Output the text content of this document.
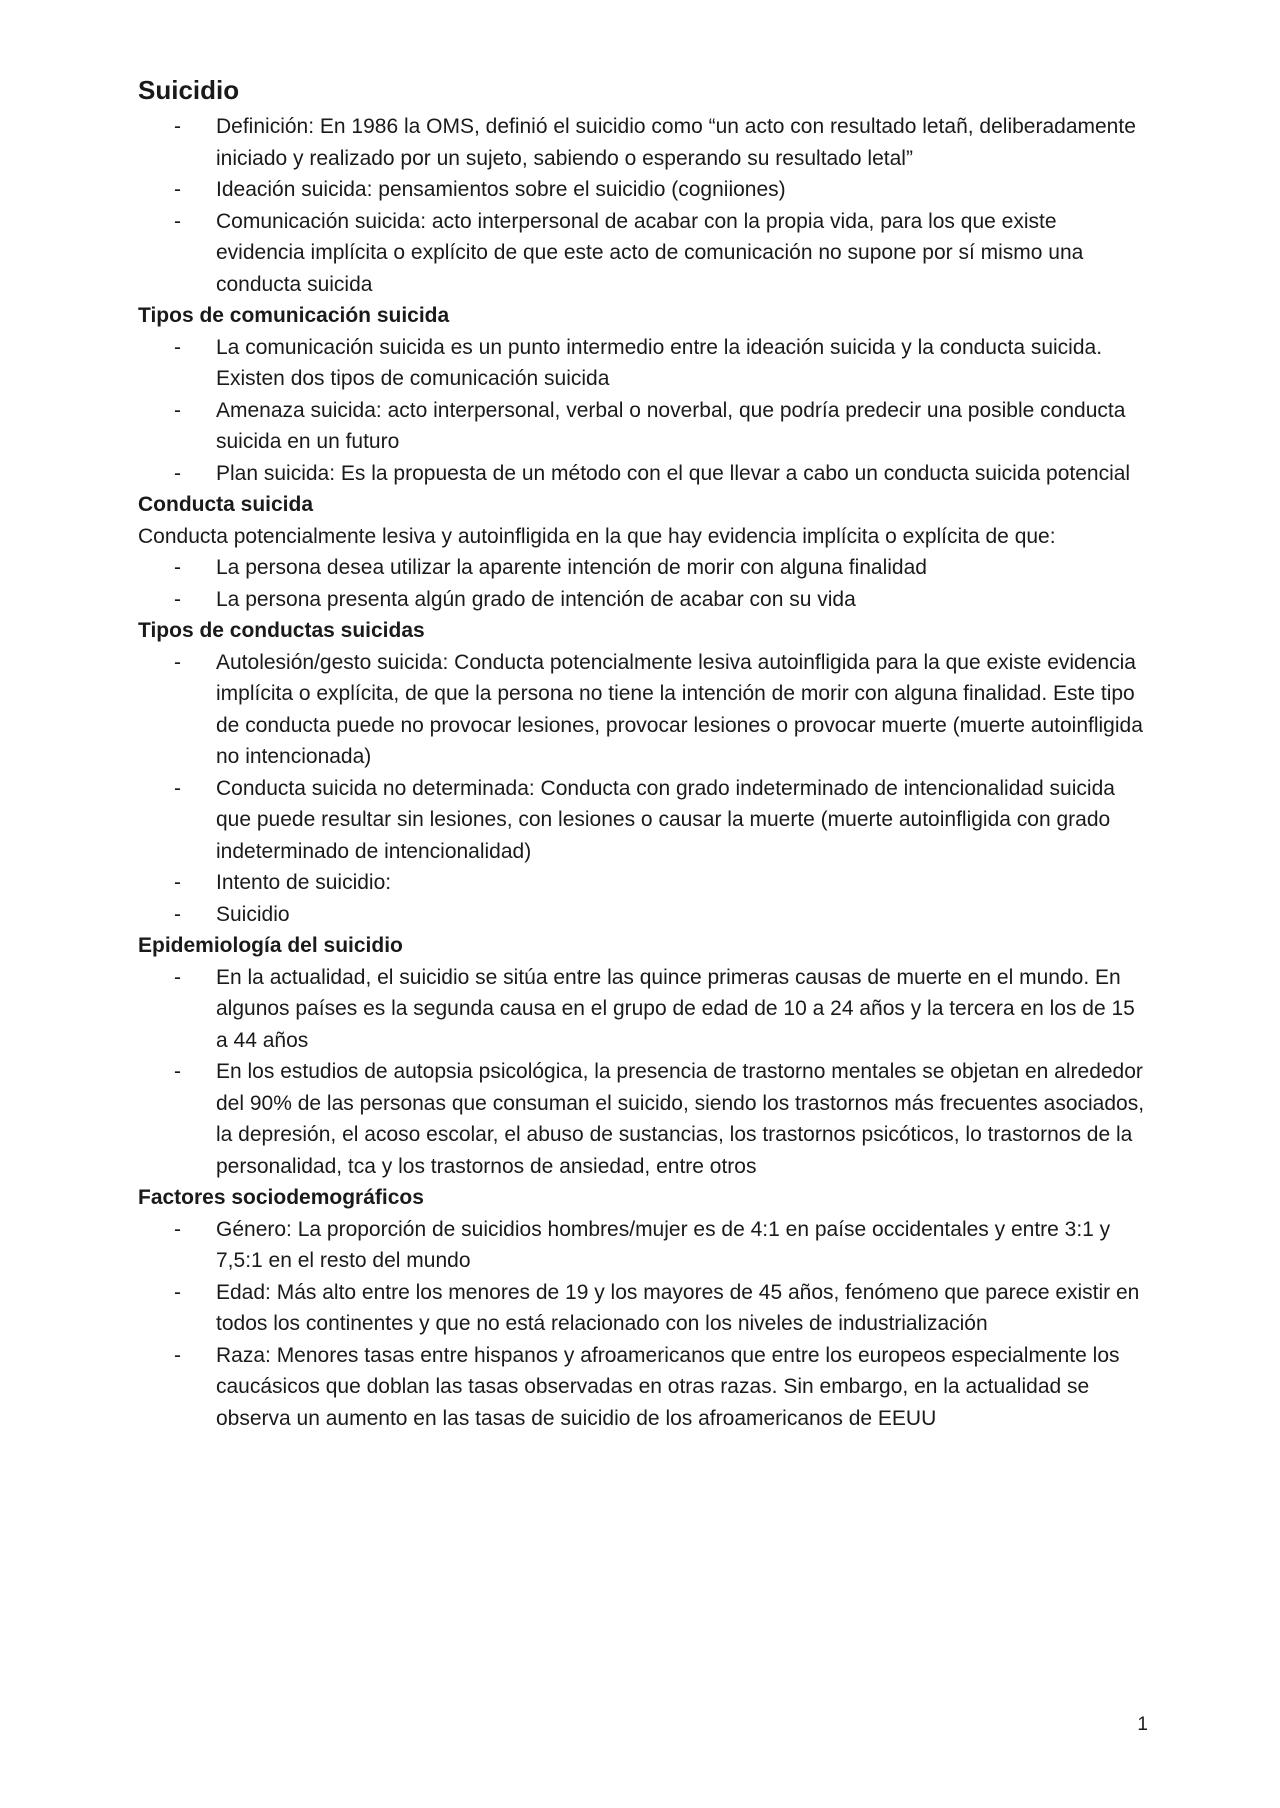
Suicidio
- Definición: En 1986 la OMS, definió el suicidio como “un acto con resultado letañ, deliberadamente iniciado y realizado por un sujeto, sabiendo o esperando su resultado letal”
- Ideación suicida: pensamientos sobre el suicidio (cogniiones)
- Comunicación suicida: acto interpersonal de acabar con la propia vida, para los que existe evidencia implícita o explícito de que este acto de comunicación no supone por sí mismo una conducta suicida
Tipos de comunicación suicida
- La comunicación suicida es un punto intermedio entre la ideación suicida y la conducta suicida. Existen dos tipos de comunicación suicida
- Amenaza suicida: acto interpersonal, verbal o noverbal, que podría predecir una posible conducta suicida en un futuro
- Plan suicida: Es la propuesta de un método con el que llevar a cabo un conducta suicida potencial
Conducta suicida

Conducta potencialmente lesiva y autoinfligida en la que hay evidencia implícita o explícita de que:

- La persona desea utilizar la aparente intención de morir con alguna finalidad
- La persona presenta algún grado de intención de acabar con su vida
Tipos de conductas suicidas
- Autolesión/gesto suicida: Conducta potencialmente lesiva autoinfligida para la que existe evidencia implícita o explícita, de que la persona no tiene la intención de morir con alguna finalidad. Este tipo de conducta puede no provocar lesiones, provocar lesiones o provocar muerte (muerte autoinfligida no intencionada)
- Conducta suicida no determinada: Conducta con grado indeterminado de intencionalidad suicida que puede resultar sin lesiones, con lesiones o causar la muerte (muerte autoinfligida con grado indeterminado de intencionalidad)
- Intento de suicidio:
- Suicidio
Epidemiología del suicidio
- En la actualidad, el suicidio se sitúa entre las quince primeras causas de muerte en el mundo. En algunos países es la segunda causa en el grupo de edad de 10 a 24 años y la tercera en los de 15 a 44 años
- En los estudios de autopsia psicológica, la presencia de trastorno mentales se objetan en alrededor del 90% de las personas que consuman el suicido, siendo los trastornos más frecuentes asociados, la depresión, el acoso escolar, el abuso de sustancias, los trastornos psicóticos, lo trastornos de la personalidad, tca y los trastornos de ansiedad, entre otros
Factores sociodemográficos
- Género: La proporción de suicidios hombres/mujer es de 4:1 en paíse occidentales y entre 3:1 y 7,5:1 en el resto del mundo
- Edad: Más alto entre los menores de 19 y los mayores de 45 años, fenómeno que parece existir en todos los continentes y que no está relacionado con los niveles de industrialización
- Raza: Menores tasas entre hispanos y afroamericanos que entre los europeos especialmente los caucásicos que doblan las tasas observadas en otras razas. Sin embargo, en la actualidad se observa un aumento en las tasas de suicidio de los afroamericanos de EEUU
1
